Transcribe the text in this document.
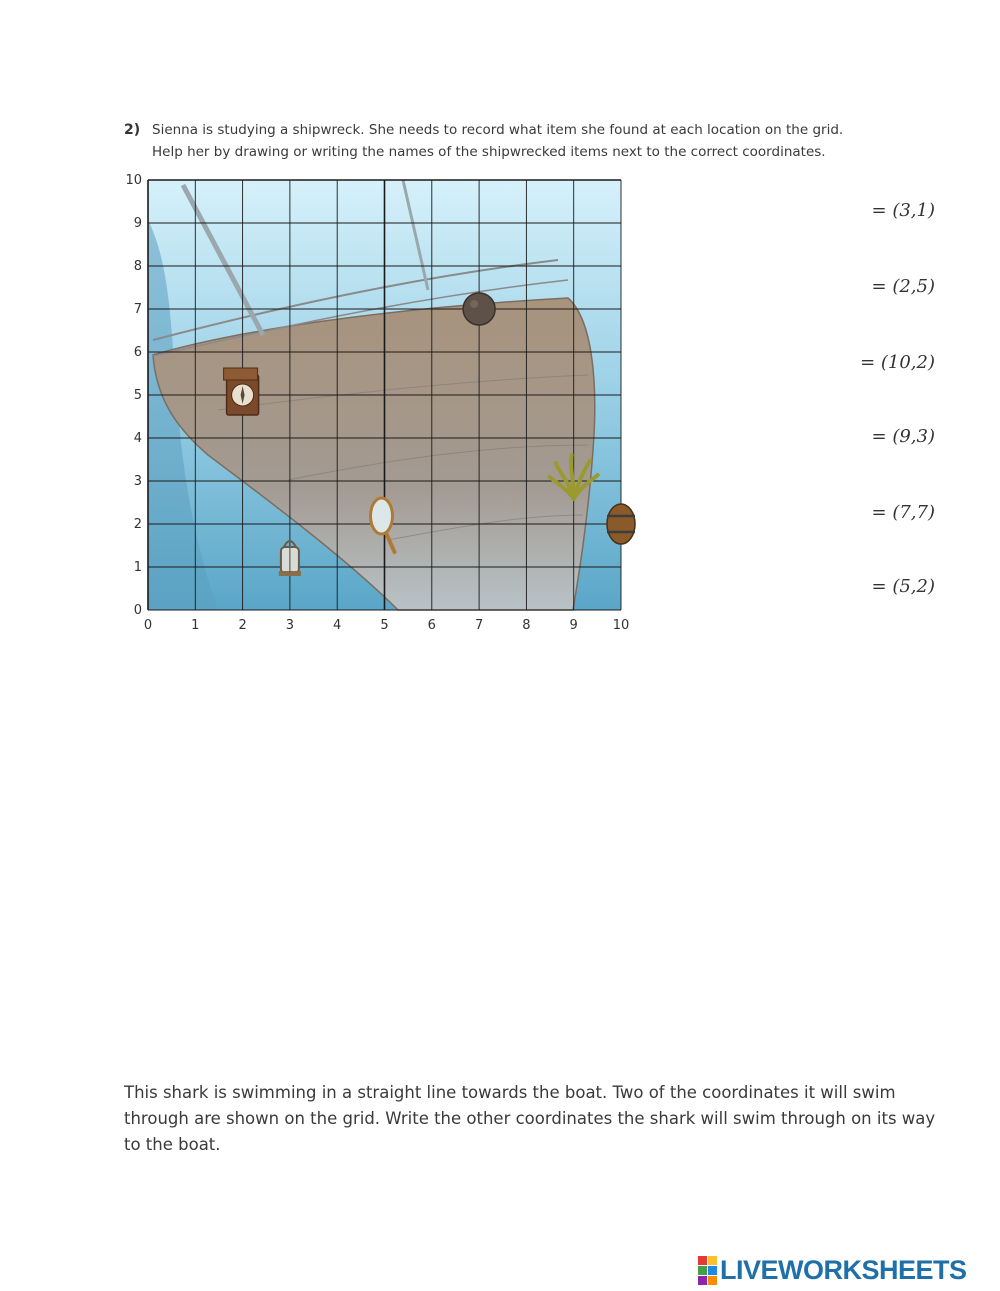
2) Sienna is studying a shipwreck. She needs to record what item she found at each location on the grid.
Help her by drawing or writing the names of the shipwrecked items next to the correct coordinates.
0	1	2	3	4	5	6	7	8	9	10
0
1
2
3
4
5
6
7
8
9
10
= (3,1)
= (2,5)
= (10,2)
= (9,3)
= (7,7)
= (5,2)
This shark is swimming in a straight line towards the boat. Two of the coordinates it will swim
through are shown on the grid. Write the other coordinates the shark will swim through on its way
to the boat.
LIVEWORKSHEETS
